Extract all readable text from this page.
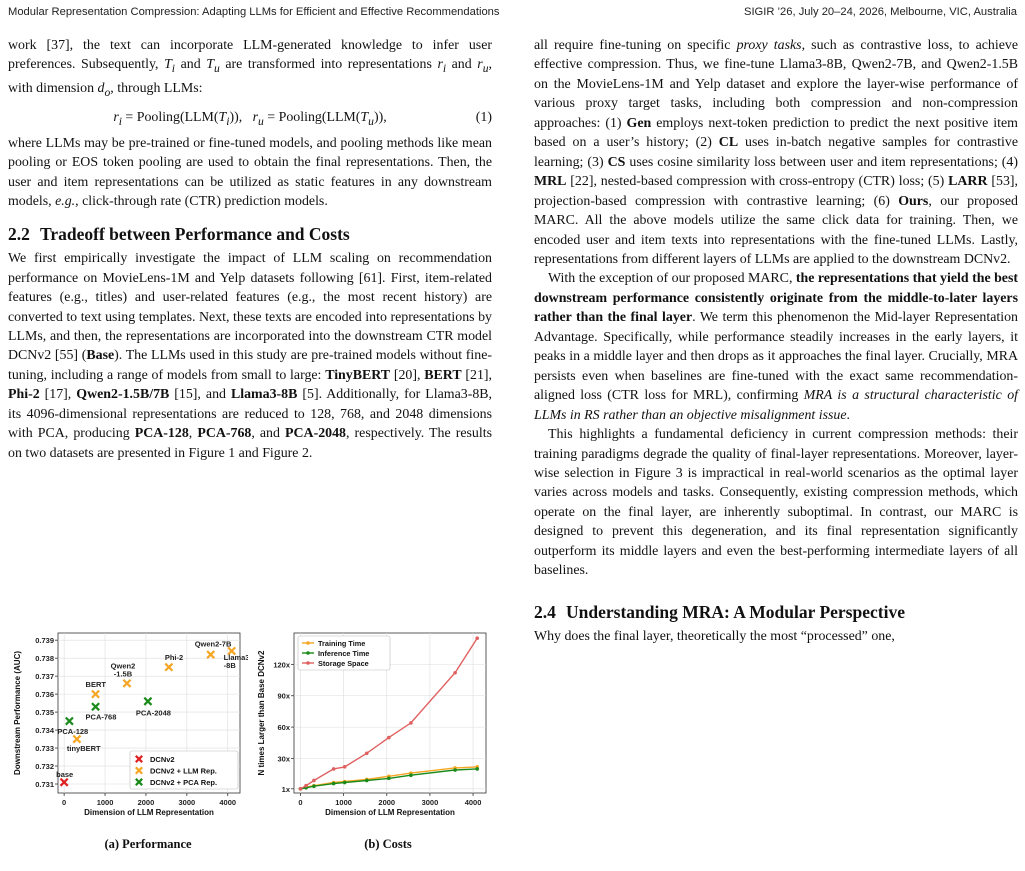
Modular Representation Compression: Adapting LLMs for Efficient and Effective Recommendations	SIGIR ’26, July 20–24, 2026, Melbourne, VIC, Australia

work [37], the text can incorporate LLM-generated knowledge to infer user preferences. Subsequently, $T_i$ and $T_u$ are transformed into representations $r_i$ and $r_u$, with dimension $d_o$, through LLMs:

$r_i$ = $Pooling(LLM(T_i))$,   $r_u$ = $Pooling(LLM(T_u))$,	(1)

where LLMs may be pre-trained or fine-tuned models, and pooling methods like mean pooling or EOS token pooling are used to obtain the final representations. Then, the user and item representations can be utilized as static features in any downstream models, e.g., click-through rate (CTR) prediction models.

2.2 Tradeoff between Performance and Costs

We first empirically investigate the impact of LLM scaling on recommendation performance on MovieLens-1M and Yelp datasets following [61]. First, item-related features (e.g., titles) and user-related features (e.g., the most recent history) are converted to text using templates. Next, these texts are encoded into representations by LLMs, and then, the representations are incorporated into the downstream CTR model DCNv2 [55] (Base). The LLMs used in this study are pre-trained models without fine-tuning, including a range of models from small to large: TinyBERT [20], BERT [21], Phi-2 [17], Qwen2-1.5B/7B [15], and Llama3-8B [5]. Additionally, for Llama3-8B, its 4096-dimensional representations are reduced to 128, 768, and 2048 dimensions with PCA, producing PCA-128, PCA-768, and PCA-2048, respectively. The results on two datasets are presented in Figure 1 and Figure 2.

0.731
0.732
0.733
0.734
0.735
0.736
0.737
0.738
0.739
0	1000	2000	3000	4000
Dimension of LLM Representation
Downstream Performance (AUC)	base
tinyBERT
BERT
Qwen2
-1.5B
Phi-2
Qwen2-7B
Llama3
-8B
PCA-128
PCA-768	PCA-2048
DCNv2
DCNv2 + LLM Rep.
DCNv2 + PCA Rep.
1x
30x
60x
90x
120x
0	1000	2000	3000	4000
Dimension of LLM Representation
N times Larger than Base DCNv2
Training Time
Inference Time
Storage Space
(a) Performance	(b) Costs

all require fine-tuning on specific proxy tasks, such as contrastive loss, to achieve effective compression. Thus, we fine-tune Llama3-8B, Qwen2-7B, and Qwen2-1.5B on the MovieLens-1M and Yelp dataset and explore the layer-wise performance of various proxy target tasks, including both compression and non-compression approaches: (1) Gen employs next-token prediction to predict the next positive item based on a user’s history; (2) CL uses in-batch negative samples for contrastive learning; (3) CS uses cosine similarity loss between user and item representations; (4) MRL [22], nested-based compression with cross-entropy (CTR) loss; (5) LARR [53], projection-based compression with contrastive learning; (6) Ours, our proposed MARC. All the above models utilize the same click data for training. Then, we encoded user and item texts into representations with the fine-tuned LLMs. Lastly, representations from different layers of LLMs are applied to the downstream DCNv2.

With the exception of our proposed MARC, the representations that yield the best downstream performance consistently originate from the middle-to-later layers rather than the final layer. We term this phenomenon the Mid-layer Representation Advantage. Specifically, while performance steadily increases in the early layers, it peaks in a middle layer and then drops as it approaches the final layer. Crucially, MRA persists even when baselines are fine-tuned with the exact same recommendation-aligned loss (CTR loss for MRL), confirming MRA is a structural characteristic of LLMs in RS rather than an objective misalignment issue.

This highlights a fundamental deficiency in current compression methods: their training paradigms degrade the quality of final-layer representations. Moreover, layer-wise selection in Figure 3 is impractical in real-world scenarios as the optimal layer varies across models and tasks. Consequently, existing compression methods, which operate on the final layer, are inherently suboptimal. In contrast, our MARC is designed to prevent this degeneration, and its final representation significantly outperform its middle layers and even the best-performing intermediate layers of all baselines.

2.4 Understanding MRA: A Modular Perspective

Why does the final layer, theoretically the most “processed” one,
